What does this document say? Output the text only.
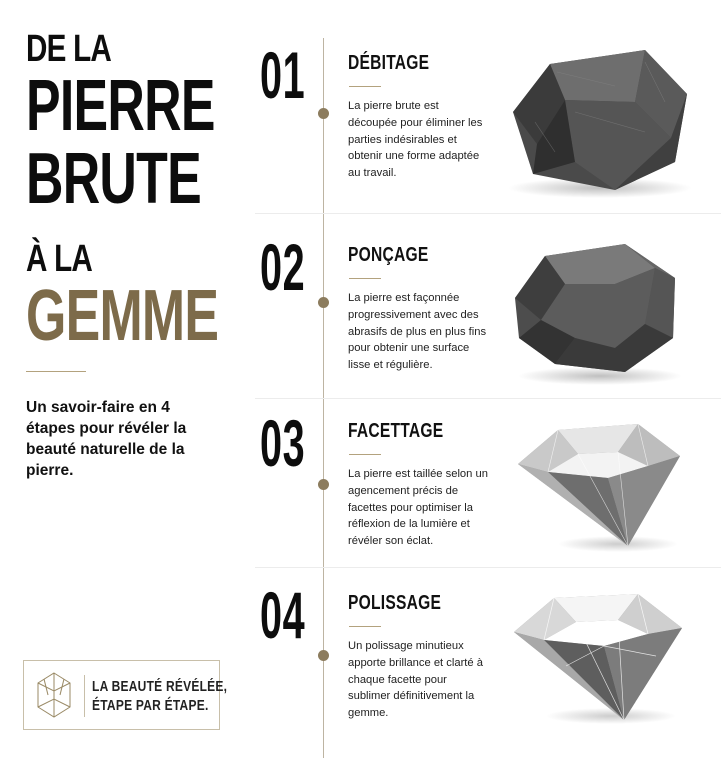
DE LA
PIERRE
BRUTE
À LA
GEMME

Un savoir-faire en 4 étapes pour révéler la beauté naturelle de la pierre.

LA BEAUTÉ RÉVÉLÉE,
ÉTAPE PAR ÉTAPE.
01 DÉBITAGE

La pierre brute est découpée pour éliminer les parties indésirables et obtenir une forme adaptée au travail.

02 PONÇAGE

La pierre est façonnée progressivement avec des abrasifs de plus en plus fins pour obtenir une surface lisse et régulière.

03 FACETTAGE

La pierre est taillée selon un agencement précis de facettes pour optimiser la réflexion de la lumière et révéler son éclat.

04 POLISSAGE

Un polissage minutieux apporte brillance et clarté à chaque facette pour sublimer définitivement la gemme.
